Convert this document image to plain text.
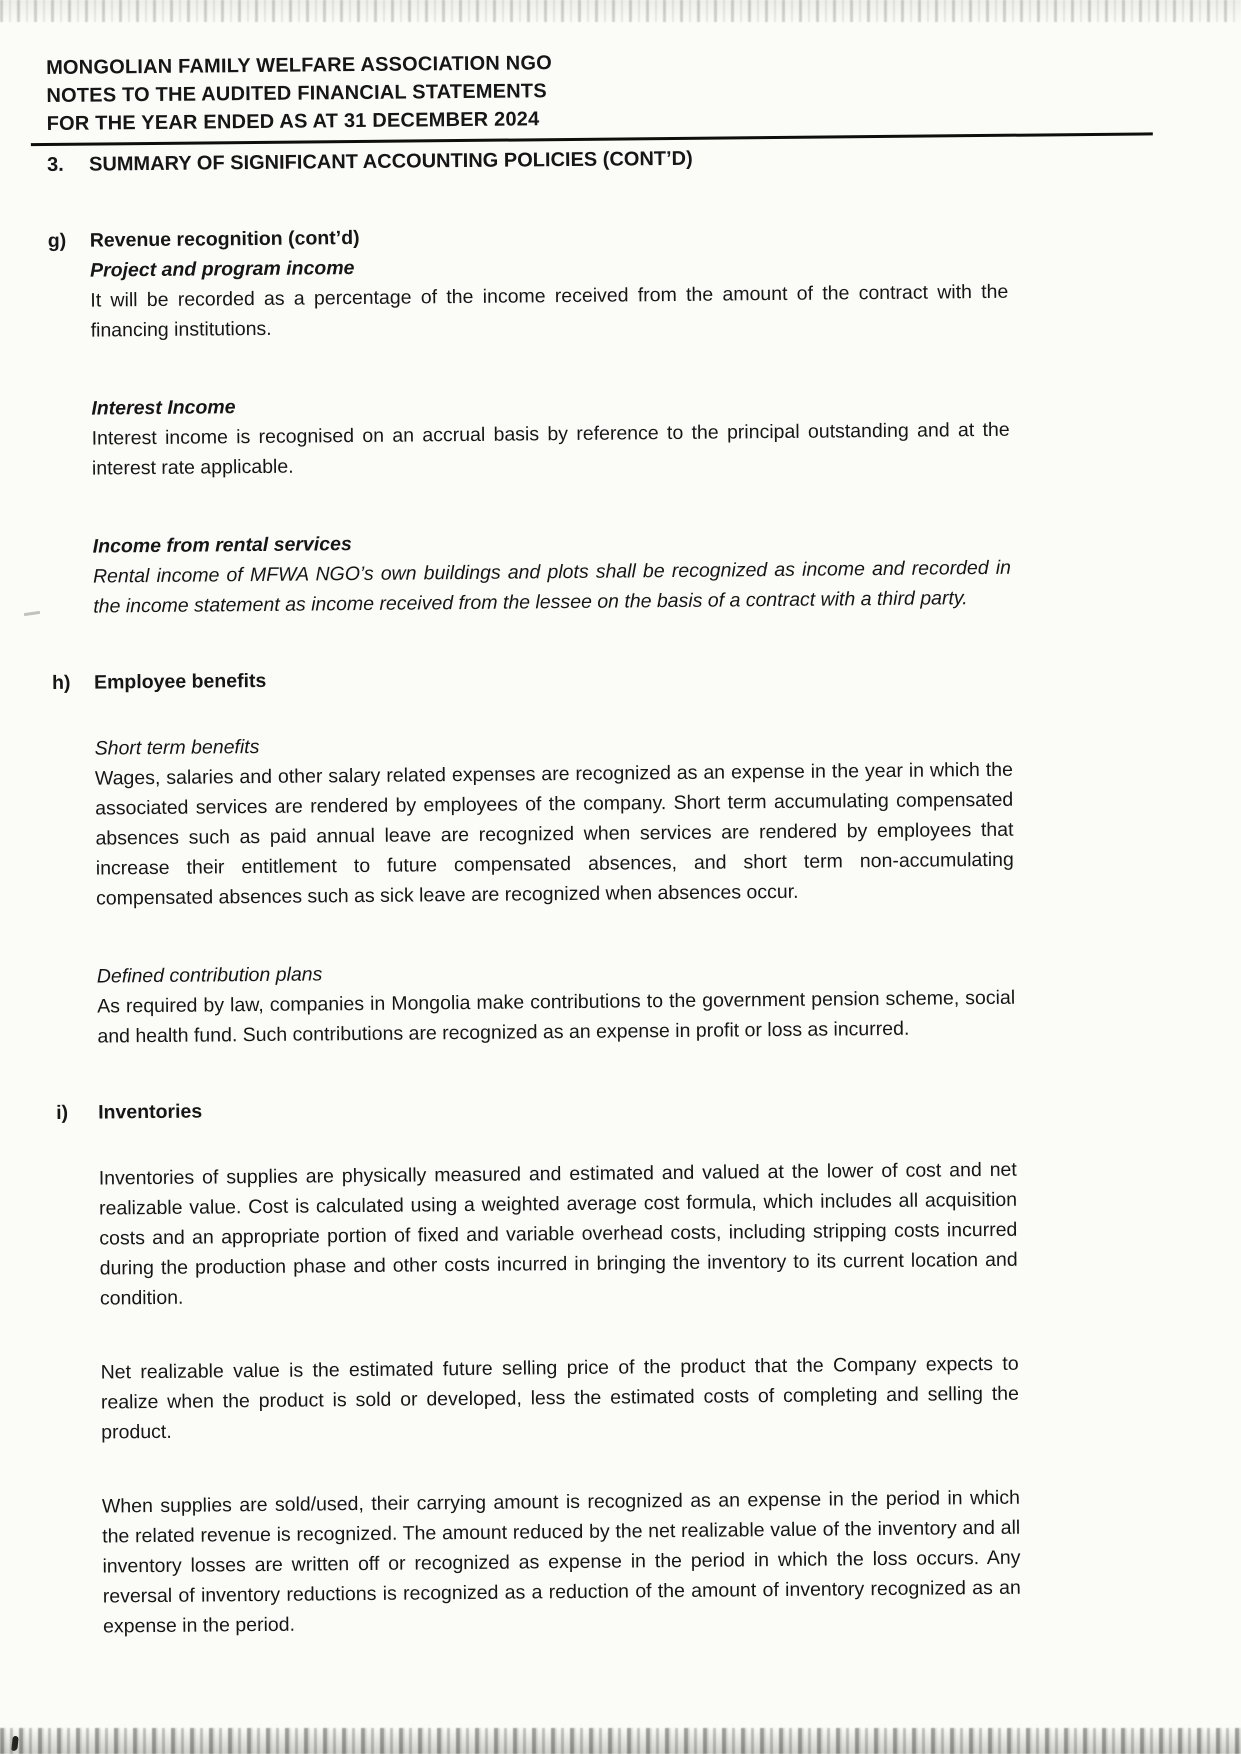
MONGOLIAN FAMILY WELFARE ASSOCIATION NGO
NOTES TO THE AUDITED FINANCIAL STATEMENTS
FOR THE YEAR ENDED AS AT 31 DECEMBER 2024
3.	SUMMARY OF SIGNIFICANT ACCOUNTING POLICIES (CONT’D)
g)	Revenue recognition (cont’d)
Project and program income

It will be recorded as a percentage of the income received from the amount of the contract with the financing institutions.

Interest Income

Interest income is recognised on an accrual basis by reference to the principal outstanding and at the interest rate applicable.

Income from rental services

Rental income of MFWA NGO’s own buildings and plots shall be recognized as income and recorded in the income statement as income received from the lessee on the basis of a contract with a third party.

h)	Employee benefits
Short term benefits

Wages, salaries and other salary related expenses are recognized as an expense in the year in which the associated services are rendered by employees of the company. Short term accumulating compensated absences such as paid annual leave are recognized when services are rendered by employees that increase their entitlement to future compensated absences, and short term non-accumulating compensated absences such as sick leave are recognized when absences occur.

Defined contribution plans

As required by law, companies in Mongolia make contributions to the government pension scheme, social and health fund. Such contributions are recognized as an expense in profit or loss as incurred.

i)	Inventories

Inventories of supplies are physically measured and estimated and valued at the lower of cost and net realizable value. Cost is calculated using a weighted average cost formula, which includes all acquisition costs and an appropriate portion of fixed and variable overhead costs, including stripping costs incurred during the production phase and other costs incurred in bringing the inventory to its current location and condition.

Net realizable value is the estimated future selling price of the product that the Company expects to realize when the product is sold or developed, less the estimated costs of completing and selling the product.

When supplies are sold/used, their carrying amount is recognized as an expense in the period in which the related revenue is recognized. The amount reduced by the net realizable value of the inventory and all inventory losses are written off or recognized as expense in the period in which the loss occurs. Any reversal of inventory reductions is recognized as a reduction of the amount of inventory recognized as an expense in the period.
